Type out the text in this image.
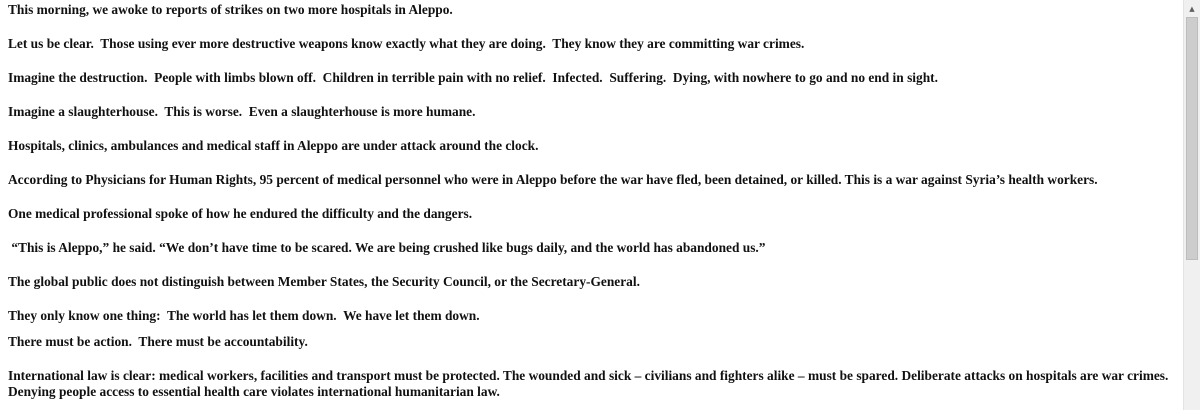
This morning, we awoke to reports of strikes on two more hospitals in Aleppo.

Let us be clear.  Those using ever more destructive weapons know exactly what they are doing.  They know they are committing war crimes.

Imagine the destruction.  People with limbs blown off.  Children in terrible pain with no relief.  Infected.  Suffering.  Dying, with nowhere to go and no end in sight.

Imagine a slaughterhouse.  This is worse.  Even a slaughterhouse is more humane.

Hospitals, clinics, ambulances and medical staff in Aleppo are under attack around the clock.

According to Physicians for Human Rights, 95 percent of medical personnel who were in Aleppo before the war have fled, been detained, or killed. This is a war against Syria’s health workers.

One medical professional spoke of how he endured the difficulty and the dangers.

“This is Aleppo,” he said. “We don’t have time to be scared. We are being crushed like bugs daily, and the world has abandoned us.”

The global public does not distinguish between Member States, the Security Council, or the Secretary-General.

They only know one thing:  The world has let them down.  We have let them down.

There must be action.  There must be accountability.

International law is clear: medical workers, facilities and transport must be protected. The wounded and sick – civilians and fighters alike – must be spared. Deliberate attacks on hospitals are war crimes. Denying people access to essential health care violates international humanitarian law.

▲
